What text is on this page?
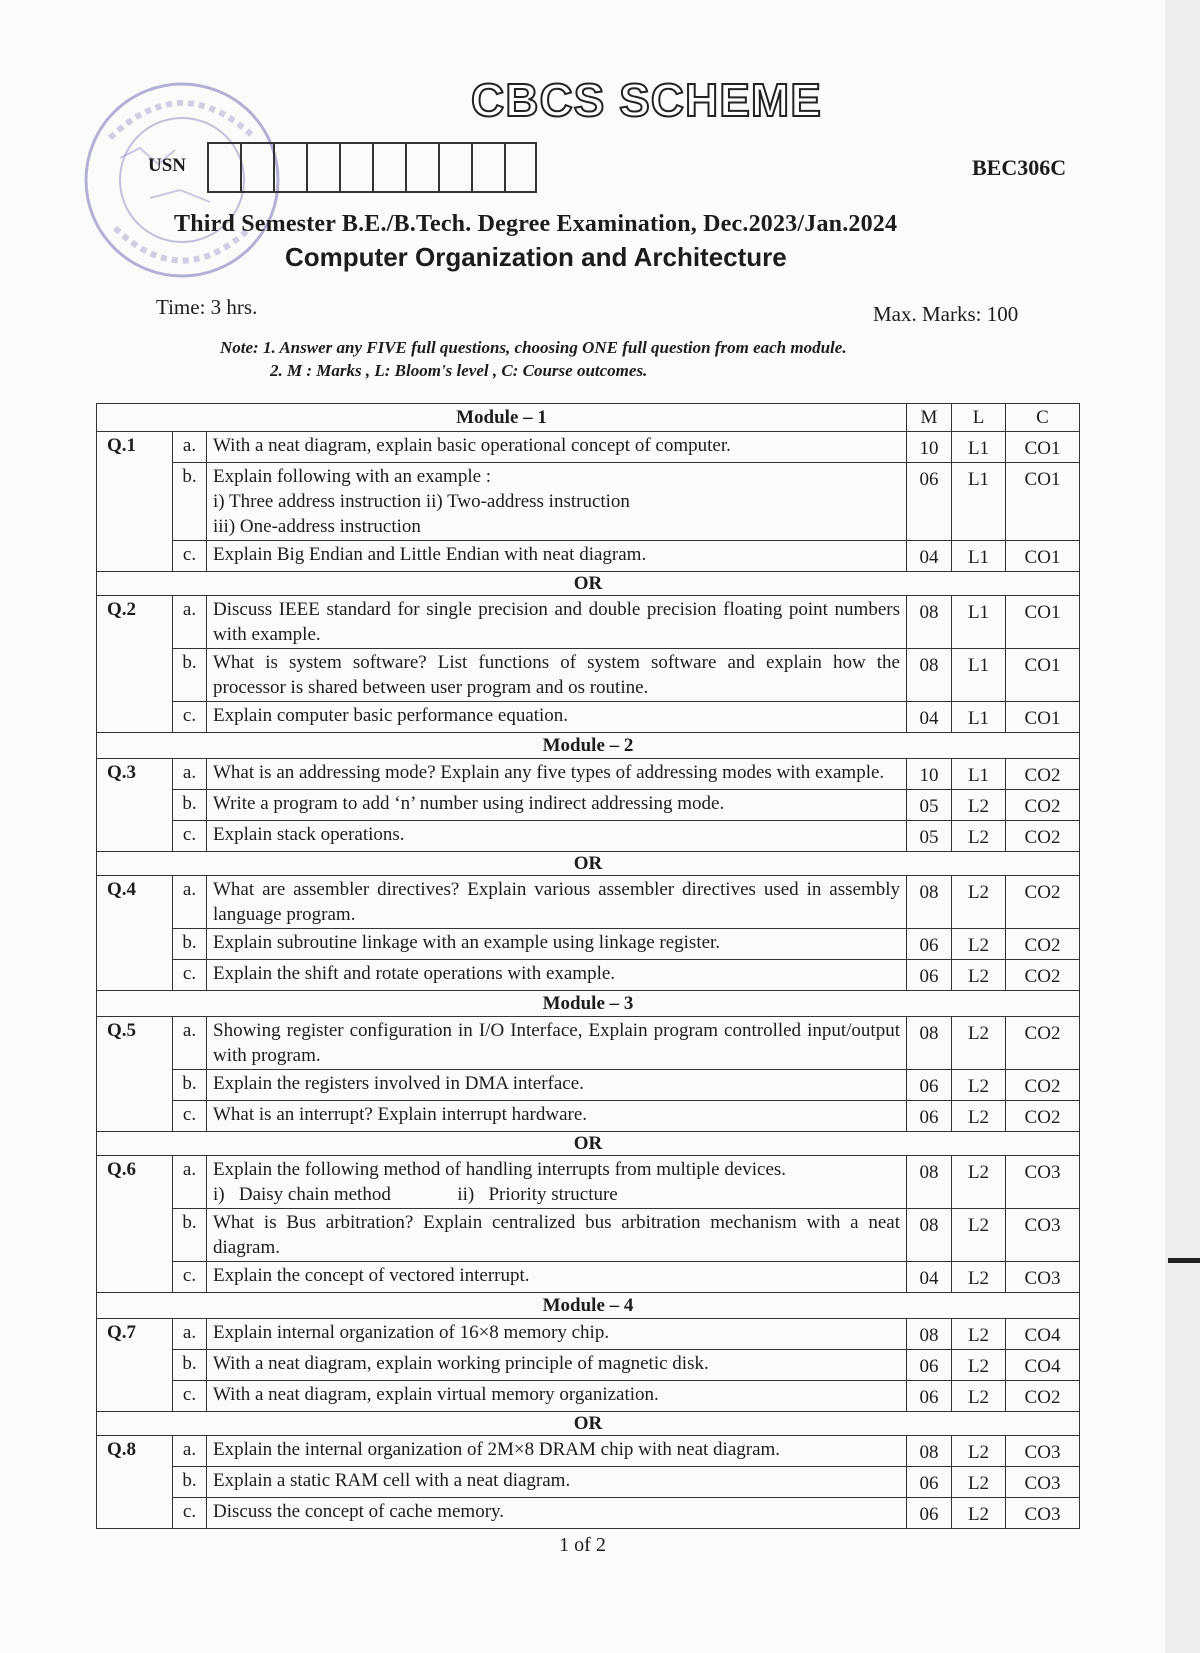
CBCS SCHEME
USN	BEC306C
Third Semester B.E./B.Tech. Degree Examination, Dec.2023/Jan.2024
Computer Organization and Architecture
Time: 3 hrs.	Max. Marks: 100
Note: 1. Answer any FIVE full questions, choosing ONE full question from each module.
2. M : Marks , L: Bloom's level , C: Course outcomes.
Module – 1			M	L	C
Q.1	a.	With a neat diagram, explain basic operational concept of computer.	10	L1	CO1
	b.	Explain following with an example :
i) Three address instruction ii) Two-address instruction
iii) One-address instruction	06	L1	CO1
	c.	Explain Big Endian and Little Endian with neat diagram.	04	L1	CO1
OR					
Q.2	a.	Discuss IEEE standard for single precision and double precision floating point numbers with example.	08	L1	CO1
	b.	What is system software? List functions of system software and explain how the processor is shared between user program and os routine.	08	L1	CO1
	c.	Explain computer basic performance equation.	04	L1	CO1
Module – 2					
Q.3	a.	What is an addressing mode? Explain any five types of addressing modes with example.	10	L1	CO2
	b.	Write a program to add ‘n’ number using indirect addressing mode.	05	L2	CO2
	c.	Explain stack operations.	05	L2	CO2
OR					
Q.4	a.	What are assembler directives? Explain various assembler directives used in assembly language program.	08	L2	CO2
	b.	Explain subroutine linkage with an example using linkage register.	06	L2	CO2
	c.	Explain the shift and rotate operations with example.	06	L2	CO2
Module – 3					
Q.5	a.	Showing register configuration in I/O Interface, Explain program controlled input/output with program.	08	L2	CO2
	b.	Explain the registers involved in DMA interface.	06	L2	CO2
	c.	What is an interrupt? Explain interrupt hardware.	06	L2	CO2
OR					
Q.6	a.	Explain the following method of handling interrupts from multiple devices.
i)   Daisy chain method              ii)   Priority structure	08	L2	CO3
	b.	What is Bus arbitration? Explain centralized bus arbitration mechanism with a neat diagram.	08	L2	CO3
	c.	Explain the concept of vectored interrupt.	04	L2	CO3
Module – 4					
Q.7	a.	Explain internal organization of 16×8 memory chip.	08	L2	CO4
	b.	With a neat diagram, explain working principle of magnetic disk.	06	L2	CO4
	c.	With a neat diagram, explain virtual memory organization.	06	L2	CO2
OR					
Q.8	a.	Explain the internal organization of 2M×8 DRAM chip with neat diagram.	08	L2	CO3
	b.	Explain a static RAM cell with a neat diagram.	06	L2	CO3
	c.	Discuss the concept of cache memory.	06	L2	CO3
1 of 2
